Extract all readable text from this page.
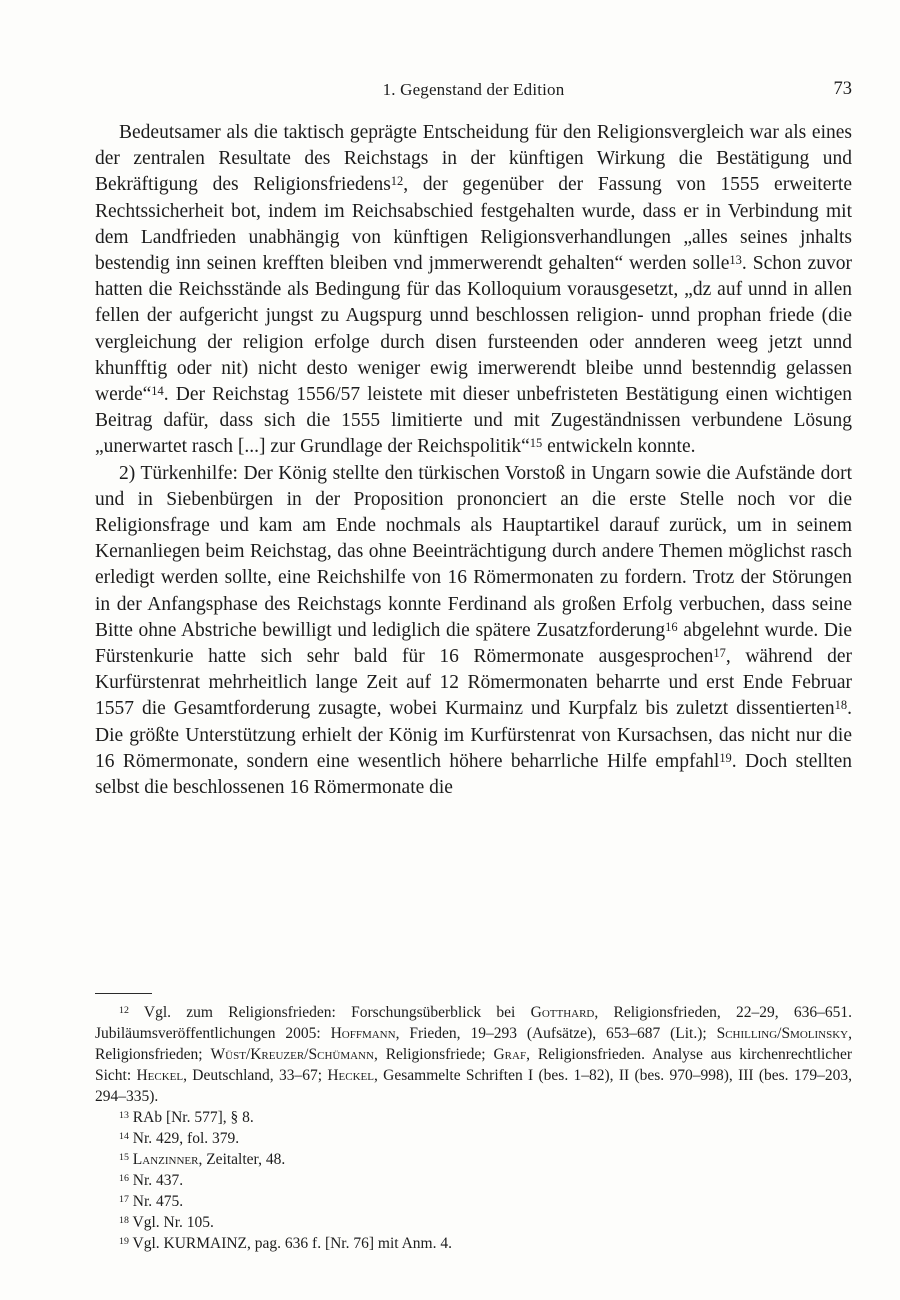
1. Gegenstand der Edition	73

Bedeutsamer als die taktisch geprägte Entscheidung für den Religionsvergleich war als eines der zentralen Resultate des Reichstags in der künftigen Wirkung die Bestätigung und Bekräftigung des Religionsfriedens$^{12}$, der gegenüber der Fassung von 1555 erweiterte Rechtssicherheit bot, indem im Reichsabschied festgehalten wurde, dass er in Verbindung mit dem Landfrieden unabhängig von künftigen Religionsverhandlungen „alles seines jnhalts bestendig inn seinen krefften bleiben vnd jmmerwerendt gehalten“ werden solle$^{13}$. Schon zuvor hatten die Reichsstände als Bedingung für das Kolloquium vorausgesetzt, „dz auf unnd in allen fellen der aufgericht jungst zu Augspurg unnd beschlossen religion- unnd prophan friede (die vergleichung der religion erfolge durch disen fursteenden oder annderen weeg jetzt unnd khunfftig oder nit) nicht desto weniger ewig imerwerendt bleibe unnd bestenndig gelassen werde“$^{14}$. Der Reichstag 1556/57 leistete mit dieser unbefristeten Bestätigung einen wichtigen Beitrag dafür, dass sich die 1555 limitierte und mit Zugeständnissen verbundene Lösung „unerwartet rasch [...] zur Grundlage der Reichspolitik“$^{15}$ entwickeln konnte.

2) Türkenhilfe: Der König stellte den türkischen Vorstoß in Ungarn sowie die Aufstände dort und in Siebenbürgen in der Proposition prononciert an die erste Stelle noch vor die Religionsfrage und kam am Ende nochmals als Hauptartikel darauf zurück, um in seinem Kernanliegen beim Reichstag, das ohne Beeinträchtigung durch andere Themen möglichst rasch erledigt werden sollte, eine Reichshilfe von 16 Römermonaten zu fordern. Trotz der Störungen in der Anfangsphase des Reichstags konnte Ferdinand als großen Erfolg verbuchen, dass seine Bitte ohne Abstriche bewilligt und lediglich die spätere Zusatzforderung$^{16}$ abgelehnt wurde. Die Fürstenkurie hatte sich sehr bald für 16 Römermonate ausgesprochen$^{17}$, während der Kurfürstenrat mehrheitlich lange Zeit auf 12 Römermonaten beharrte und erst Ende Februar 1557 die Gesamtforderung zusagte, wobei Kurmainz und Kurpfalz bis zuletzt dissentierten$^{18}$. Die größte Unterstützung erhielt der König im Kurfürstenrat von Kursachsen, das nicht nur die 16 Römermonate, sondern eine wesentlich höhere beharrliche Hilfe empfahl$^{19}$. Doch stellten selbst die beschlossenen 16 Römermonate die

$^{12}$ Vgl. zum Religionsfrieden: Forschungsüberblick bei Gotthard, Religionsfrieden, 22–29, 636–651. Jubiläumsveröffentlichungen 2005: Hoffmann, Frieden, 19–293 (Aufsätze), 653–687 (Lit.); Schilling/Smolinsky, Religionsfrieden; Wüst/Kreuzer/Schümann, Religionsfriede; Graf, Religionsfrieden. Analyse aus kirchenrechtlicher Sicht: Heckel, Deutschland, 33–67; Heckel, Gesammelte Schriften I (bes. 1–82), II (bes. 970–998), III (bes. 179–203, 294–335).

$^{13}$ RAb [Nr. 577], § 8.

$^{14}$ Nr. 429, fol. 379.

$^{15}$ Lanzinner, Zeitalter, 48.

$^{16}$ Nr. 437.

$^{17}$ Nr. 475.

$^{18}$ Vgl. Nr. 105.

$^{19}$ Vgl. KURMAINZ, pag. 636 f. [Nr. 76] mit Anm. 4.
